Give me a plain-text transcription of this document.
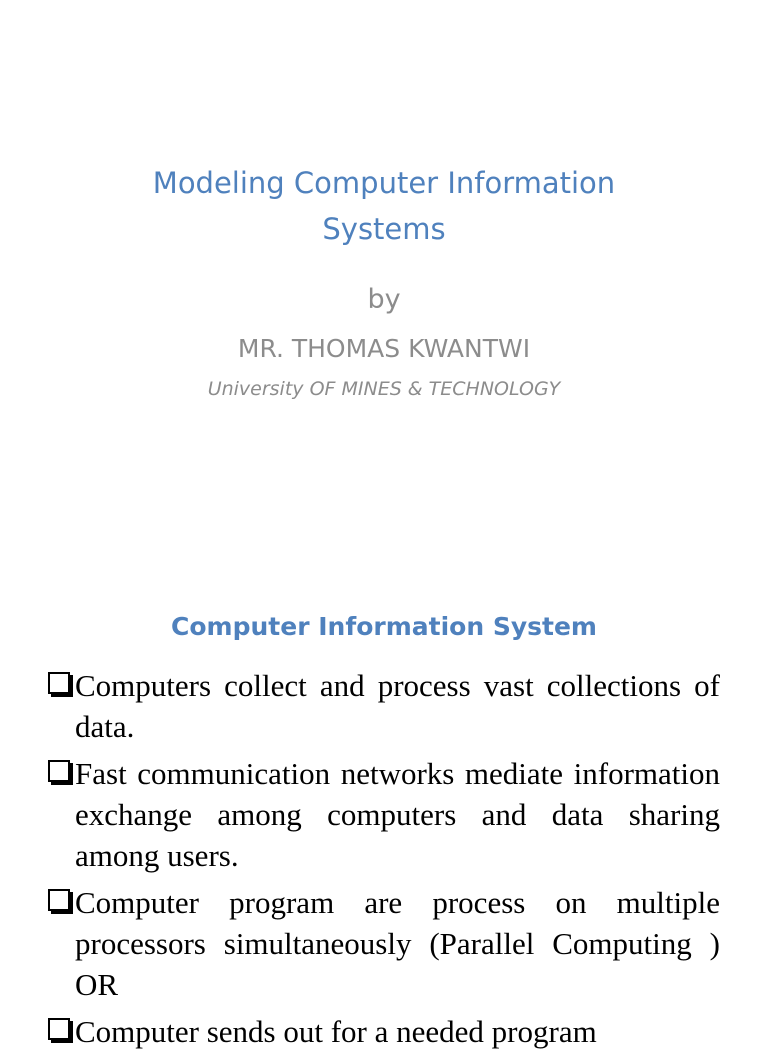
Modeling Computer Information Systems
by
MR. THOMAS KWANTWI
University OF MINES & TECHNOLOGY
Computer Information System
Computers collect and process vast collections of data.
Fast communication networks mediate information exchange among computers and data sharing among users.
Computer program are process on multiple processors simultaneously (Parallel Computing ) OR
Computer sends out for a needed program
